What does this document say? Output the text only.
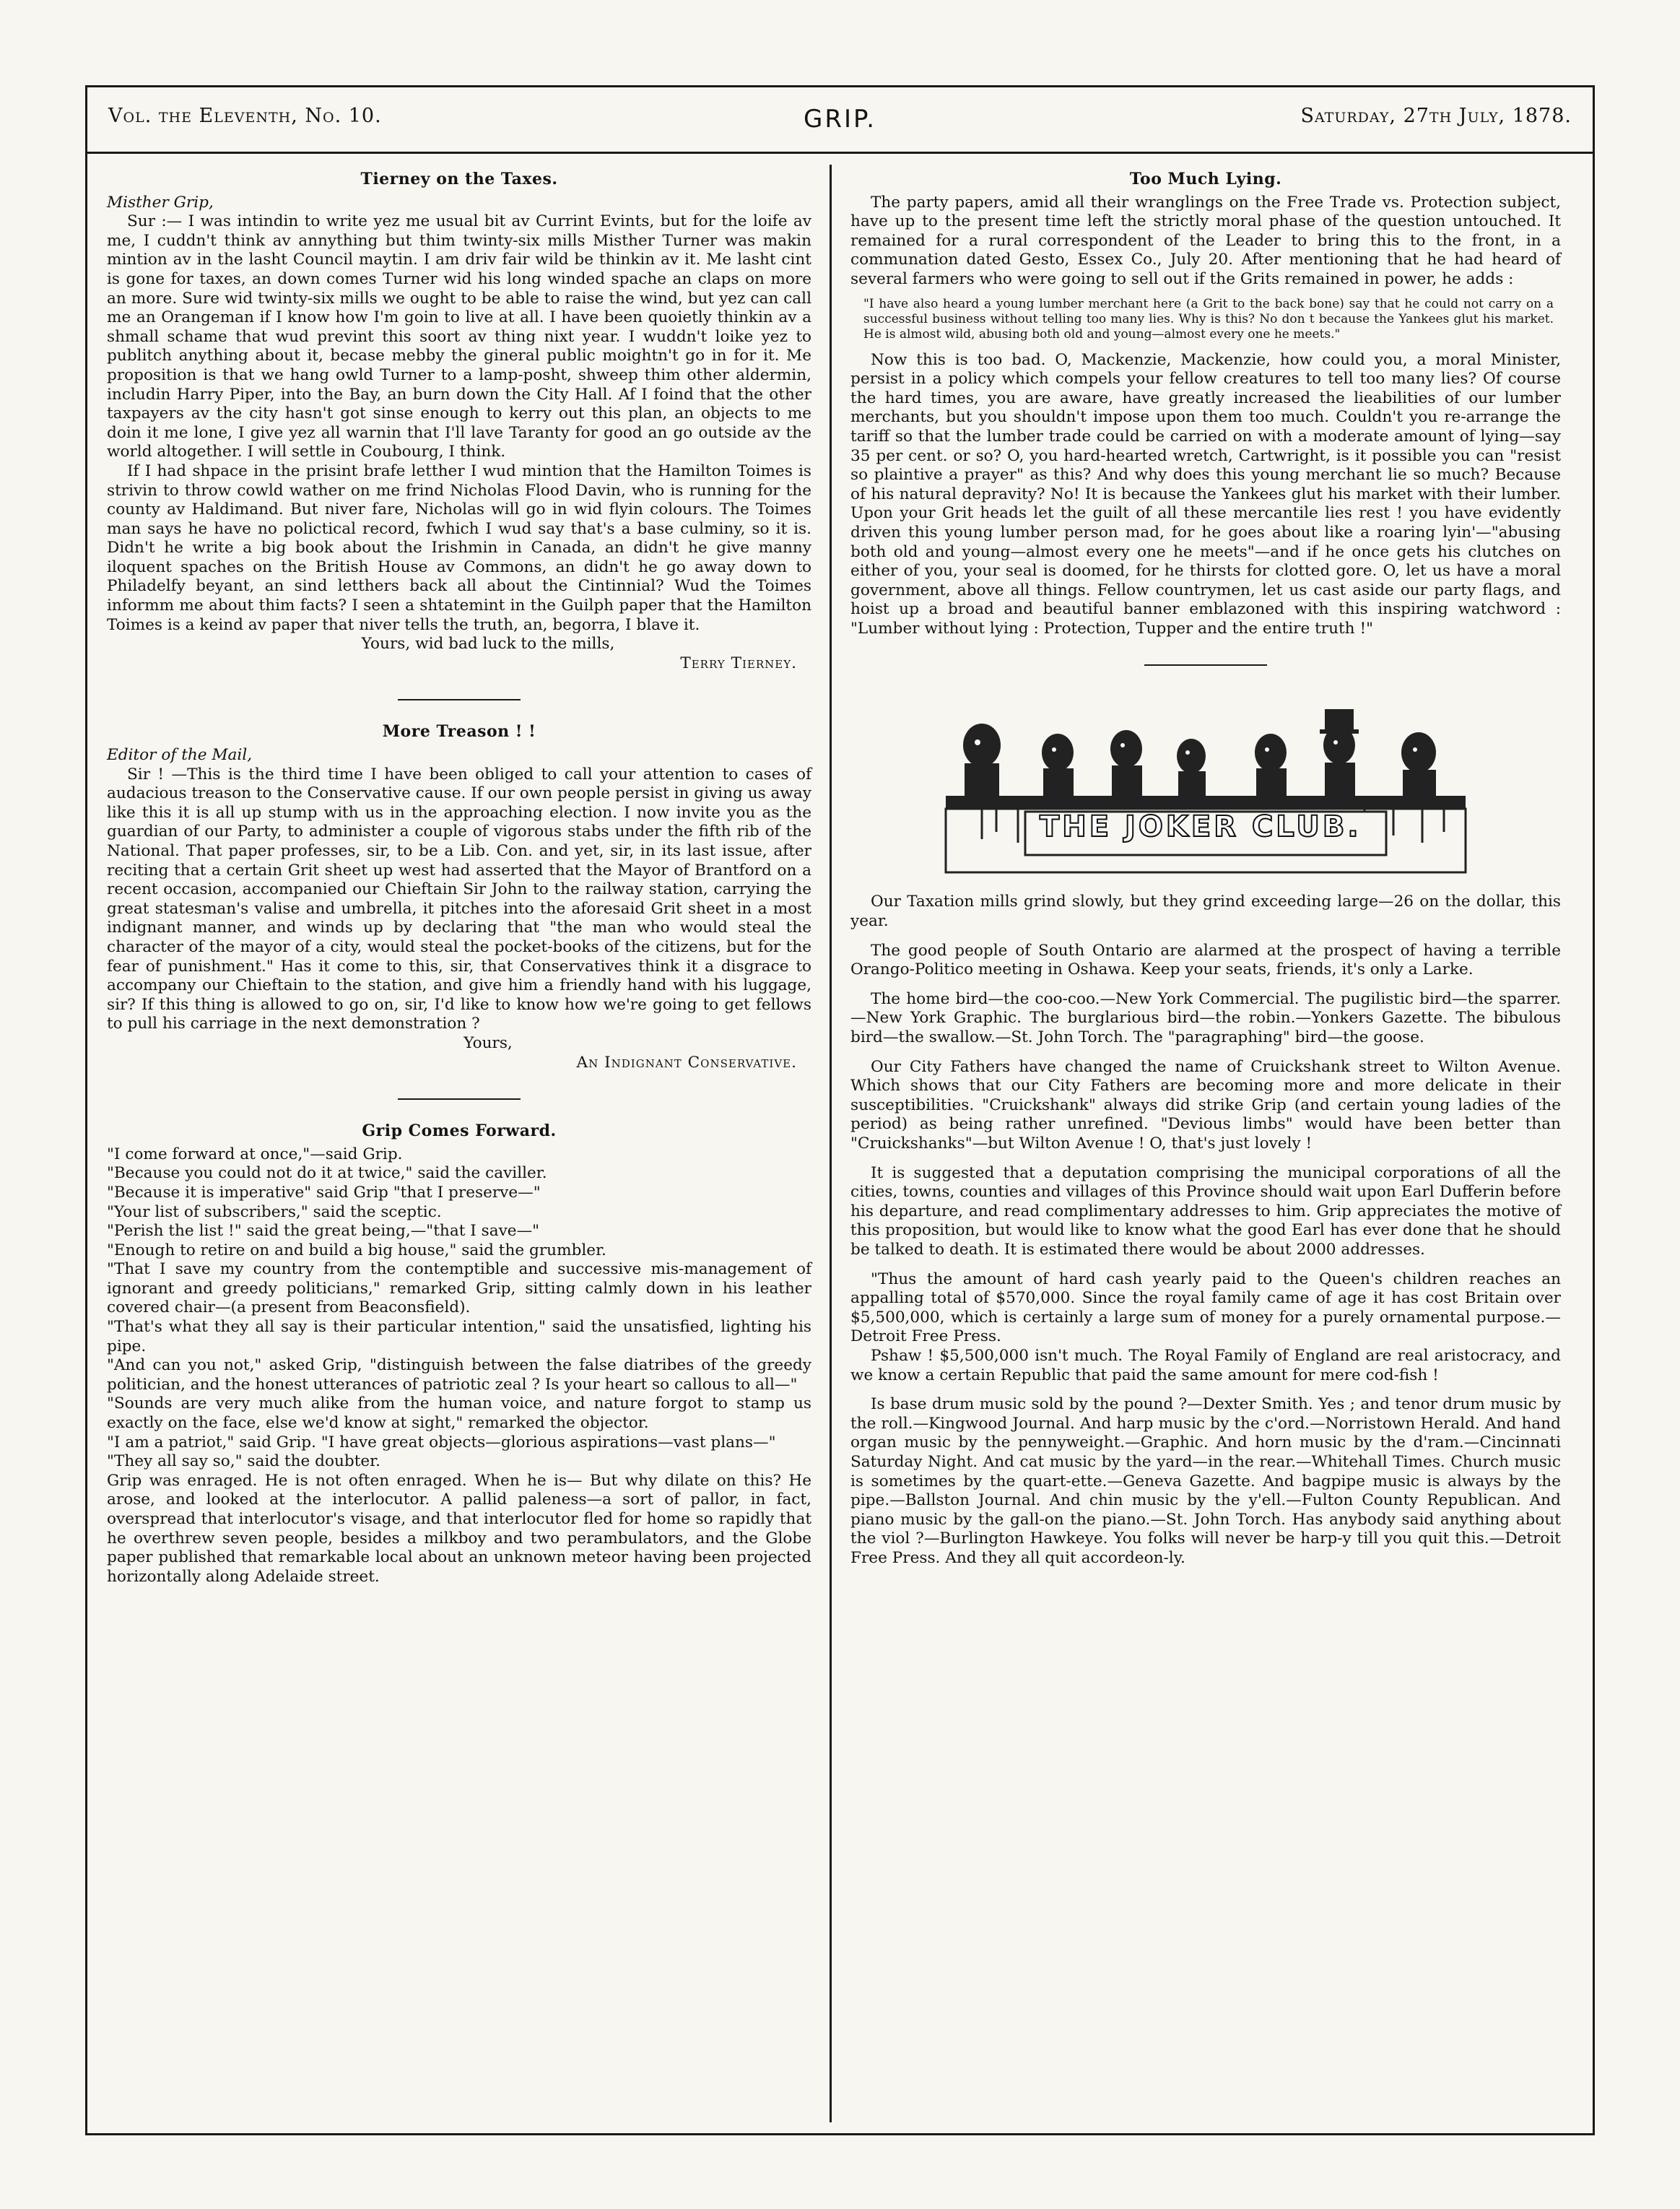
Vol. the Eleventh, No. 10.	GRIP.	Saturday, 27th July, 1878.
Tierney on the Taxes.

Misther Grip,

Sur :— I was intindin to write yez me usual bit av Currint Evints, but for the loife av me, I cuddn't think av annything but thim twinty-six mills Misther Turner was makin mintion av in the lasht Council maytin. I am driv fair wild be thinkin av it. Me lasht cint is gone for taxes, an down comes Turner wid his long winded spache an claps on more an more. Sure wid twinty-six mills we ought to be able to raise the wind, but yez can call me an Orangeman if I know how I'm goin to live at all. I have been quoietly thinkin av a shmall schame that wud prevint this soort av thing nixt year. I wuddn't loike yez to publitch anything about it, becase mebby the gineral public moightn't go in for it. Me proposition is that we hang owld Turner to a lamp-posht, shweep thim other aldermin, includin Harry Piper, into the Bay, an burn down the City Hall. Af I foind that the other taxpayers av the city hasn't got sinse enough to kerry out this plan, an objects to me doin it me lone, I give yez all warnin that I'll lave Taranty for good an go outside av the world altogether. I will settle in Coubourg, I think.

If I had shpace in the prisint brafe letther I wud mintion that the Hamilton Toimes is strivin to throw cowld wather on me frind Nicholas Flood Davin, who is running for the county av Haldimand. But niver fare, Nicholas will go in wid flyin colours. The Toimes man says he have no polictical record, fwhich I wud say that's a base culminy, so it is. Didn't he write a big book about the Irishmin in Canada, an didn't he give manny iloquent spaches on the British House av Commons, an didn't he go away down to Philadelfy beyant, an sind letthers back all about the Cintinnial? Wud the Toimes informm me about thim facts? I seen a shtatemint in the Guilph paper that the Hamilton Toimes is a keind av paper that niver tells the truth, an, begorra, I blave it.

Yours, wid bad luck to the mills,

Terry Tierney.

More Treason ! !

Editor of the Mail,

Sir ! —This is the third time I have been obliged to call your attention to cases of audacious treason to the Conservative cause. If our own people persist in giving us away like this it is all up stump with us in the approaching election. I now invite you as the guardian of our Party, to administer a couple of vigorous stabs under the fifth rib of the National. That paper professes, sir, to be a Lib. Con. and yet, sir, in its last issue, after reciting that a certain Grit sheet up west had asserted that the Mayor of Brantford on a recent occasion, accompanied our Chieftain Sir John to the railway station, carrying the great statesman's valise and umbrella, it pitches into the aforesaid Grit sheet in a most indignant manner, and winds up by declaring that "the man who would steal the character of the mayor of a city, would steal the pocket-books of the citizens, but for the fear of punishment." Has it come to this, sir, that Conservatives think it a disgrace to accompany our Chieftain to the station, and give him a friendly hand with his luggage, sir? If this thing is allowed to go on, sir, I'd like to know how we're going to get fellows to pull his carriage in the next demonstration ?

Yours,

An Indignant Conservative.

Grip Comes Forward.

"I come forward at once,"—said Grip.

"Because you could not do it at twice," said the caviller.

"Because it is imperative" said Grip "that I preserve—"

"Your list of subscribers," said the sceptic.

"Perish the list !" said the great being,—"that I save—"

"Enough to retire on and build a big house," said the grumbler.

"That I save my country from the contemptible and successive mis-management of ignorant and greedy politicians," remarked Grip, sitting calmly down in his leather covered chair—(a present from Beaconsfield).

"That's what they all say is their particular intention," said the unsatisfied, lighting his pipe.

"And can you not," asked Grip, "distinguish between the false diatribes of the greedy politician, and the honest utterances of patriotic zeal ? Is your heart so callous to all—"

"Sounds are very much alike from the human voice, and nature forgot to stamp us exactly on the face, else we'd know at sight," remarked the objector.

"I am a patriot," said Grip. "I have great objects—glorious aspirations—vast plans—"

"They all say so," said the doubter.

Grip was enraged. He is not often enraged. When he is— But why dilate on this? He arose, and looked at the interlocutor. A pallid paleness—a sort of pallor, in fact, overspread that interlocutor's visage, and that interlocutor fled for home so rapidly that he overthrew seven people, besides a milkboy and two perambulators, and the Globe paper published that remarkable local about an unknown meteor having been projected horizontally along Adelaide street.

Too Much Lying.

The party papers, amid all their wranglings on the Free Trade vs. Protection subject, have up to the present time left the strictly moral phase of the question untouched. It remained for a rural correspondent of the Leader to bring this to the front, in a communation dated Gesto, Essex Co., July 20. After mentioning that he had heard of several farmers who were going to sell out if the Grits remained in power, he adds :

"I have also heard a young lumber merchant here (a Grit to the back bone) say that he could not carry on a successful business without telling too many lies. Why is this? No don t because the Yankees glut his market. He is almost wild, abusing both old and young—almost every one he meets."

Now this is too bad. O, Mackenzie, Mackenzie, how could you, a moral Minister, persist in a policy which compels your fellow creatures to tell too many lies? Of course the hard times, you are aware, have greatly increased the lieabilities of our lumber merchants, but you shouldn't impose upon them too much. Couldn't you re-arrange the tariff so that the lumber trade could be carried on with a moderate amount of lying—say 35 per cent. or so? O, you hard-hearted wretch, Cartwright, is it possible you can "resist so plaintive a prayer" as this? And why does this young merchant lie so much? Because of his natural depravity? No! It is because the Yankees glut his market with their lumber. Upon your Grit heads let the guilt of all these mercantile lies rest ! you have evidently driven this young lumber person mad, for he goes about like a roaring lyin'—"abusing both old and young—almost every one he meets"—and if he once gets his clutches on either of you, your seal is doomed, for he thirsts for clotted gore. O, let us have a moral government, above all things. Fellow countrymen, let us cast aside our party flags, and hoist up a broad and beautiful banner emblazoned with this inspiring watchword : "Lumber without lying : Protection, Tupper and the entire truth !"

THE JOKER CLUB.

Our Taxation mills grind slowly, but they grind exceeding large—26 on the dollar, this year.

The good people of South Ontario are alarmed at the prospect of having a terrible Orango-Politico meeting in Oshawa. Keep your seats, friends, it's only a Larke.

The home bird—the coo-coo.—New York Commercial. The pugilistic bird—the sparrer.—New York Graphic. The burglarious bird—the robin.—Yonkers Gazette. The bibulous bird—the swallow.—St. John Torch. The "paragraphing" bird—the goose.

Our City Fathers have changed the name of Cruickshank street to Wilton Avenue. Which shows that our City Fathers are becoming more and more delicate in their susceptibilities. "Cruickshank" always did strike Grip (and certain young ladies of the period) as being rather unrefined. "Devious limbs" would have been better than "Cruickshanks"—but Wilton Avenue ! O, that's just lovely !

It is suggested that a deputation comprising the municipal corporations of all the cities, towns, counties and villages of this Province should wait upon Earl Dufferin before his departure, and read complimentary addresses to him. Grip appreciates the motive of this proposition, but would like to know what the good Earl has ever done that he should be talked to death. It is estimated there would be about 2000 addresses.

"Thus the amount of hard cash yearly paid to the Queen's children reaches an appalling total of $570,000. Since the royal family came of age it has cost Britain over $5,500,000, which is certainly a large sum of money for a purely ornamental purpose.—Detroit Free Press.

Pshaw ! $5,500,000 isn't much. The Royal Family of England are real aristocracy, and we know a certain Republic that paid the same amount for mere cod-fish !

Is base drum music sold by the pound ?—Dexter Smith. Yes ; and tenor drum music by the roll.—Kingwood Journal. And harp music by the c'ord.—Norristown Herald. And hand organ music by the pennyweight.—Graphic. And horn music by the d'ram.—Cincinnati Saturday Night. And cat music by the yard—in the rear.—Whitehall Times. Church music is sometimes by the quart-ette.—Geneva Gazette. And bagpipe music is always by the pipe.—Ballston Journal. And chin music by the y'ell.—Fulton County Republican. And piano music by the gall-on the piano.—St. John Torch. Has anybody said anything about the viol ?—Burlington Hawkeye. You folks will never be harp-y till you quit this.—Detroit Free Press. And they all quit accordeon-ly.
